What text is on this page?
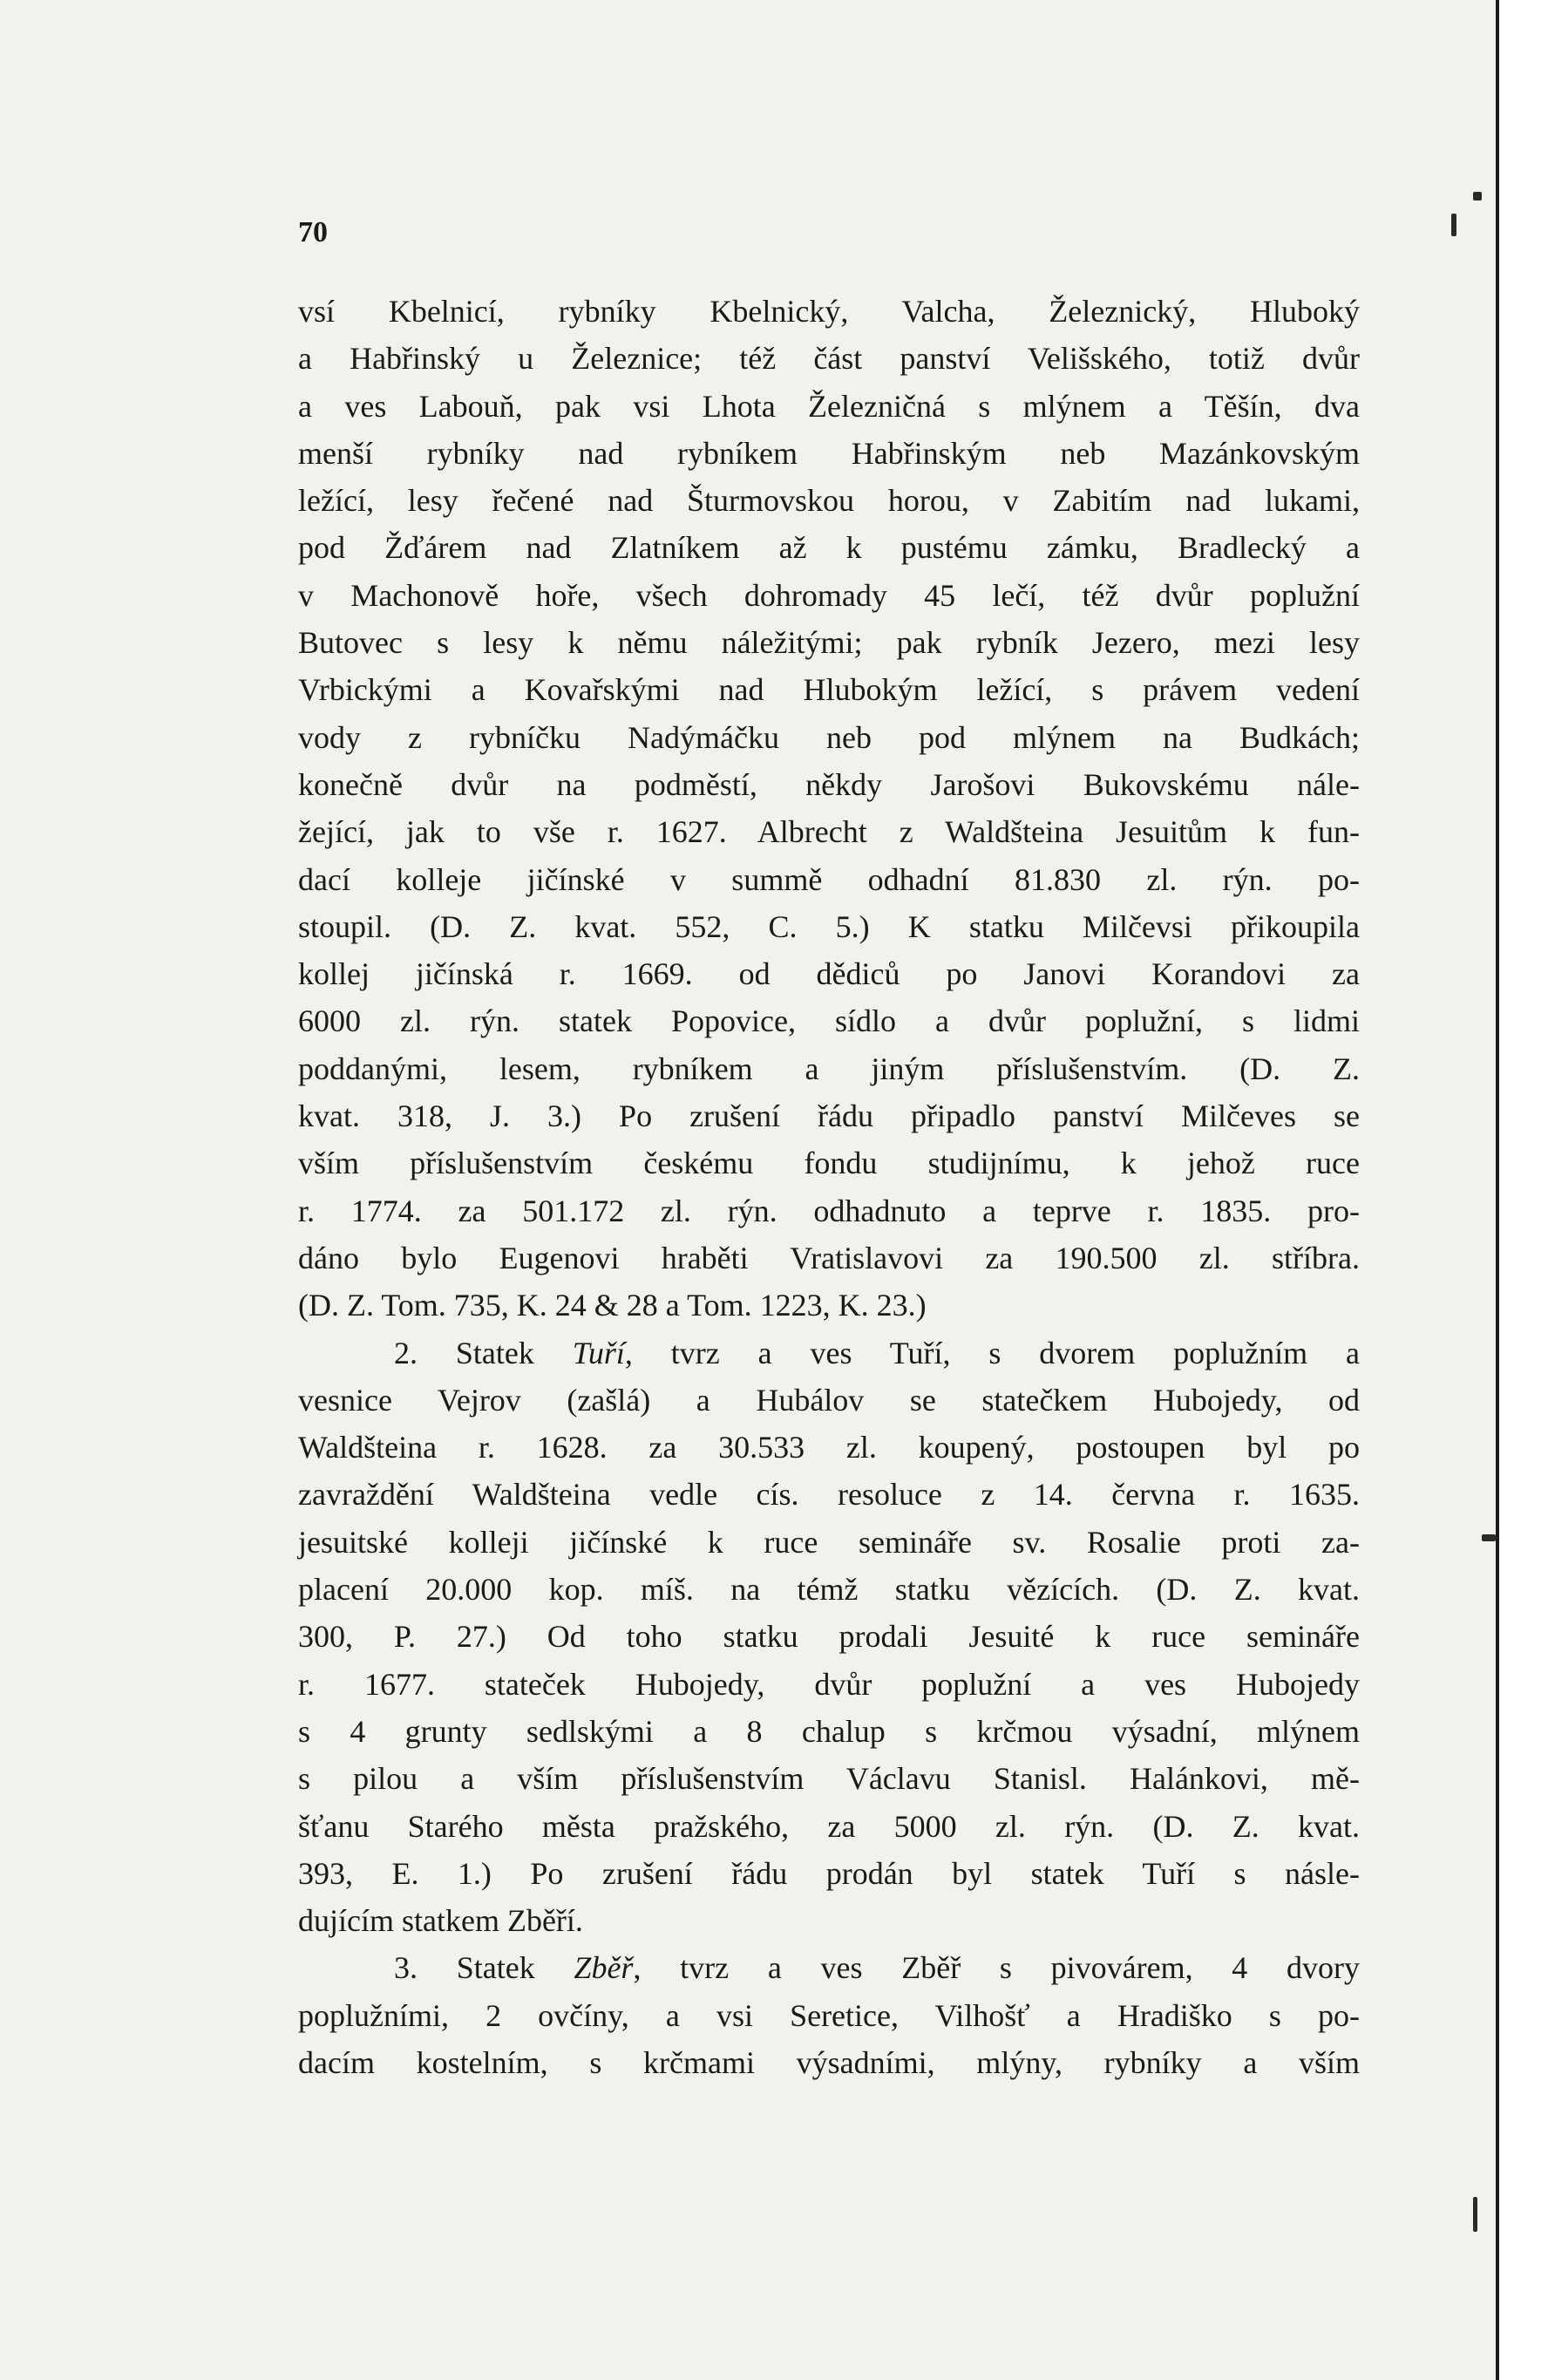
70
vsí Kbelnicí, rybníky Kbelnický, Valcha, Železnický, Hluboký
a Habřinský u Železnice; též část panství Velišského, totiž dvůr
a ves Labouň, pak vsi Lhota Železničná s mlýnem a Těšín, dva
menší rybníky nad rybníkem Habřinským neb Mazánkovským
ležící, lesy řečené nad Šturmovskou horou, v Zabitím nad lukami,
pod Žďárem nad Zlatníkem až k pustému zámku, Bradlecký a
v Machonově hoře, všech dohromady 45 lečí, též dvůr poplužní
Butovec s lesy k němu náležitými; pak rybník Jezero, mezi lesy
Vrbickými a Kovařskými nad Hlubokým ležící, s právem vedení
vody z rybníčku Nadýmáčku neb pod mlýnem na Budkách;
konečně dvůr na podměstí, někdy Jarošovi Bukovskému nále-
žející, jak to vše r. 1627. Albrecht z Waldšteina Jesuitům k fun-
dací kolleje jičínské v summě odhadní 81.830 zl. rýn. po-
stoupil. (D. Z. kvat. 552, C. 5.) K statku Milčevsi přikoupila
kollej jičínská r. 1669. od dědiců po Janovi Korandovi za
6000 zl. rýn. statek Popovice, sídlo a dvůr poplužní, s lidmi
poddanými, lesem, rybníkem a jiným příslušenstvím. (D. Z.
kvat. 318, J. 3.) Po zrušení řádu připadlo panství Milčeves se
vším příslušenstvím českému fondu studijnímu, k jehož ruce
r. 1774. za 501.172 zl. rýn. odhadnuto a teprve r. 1835. pro-
dáno bylo Eugenovi hraběti Vratislavovi za 190.500 zl. stříbra.
(D. Z. Tom. 735, K. 24 & 28 a Tom. 1223, K. 23.)
2. Statek Tuří, tvrz a ves Tuří, s dvorem poplužním a
vesnice Vejrov (zašlá) a Hubálov se statečkem Hubojedy, od
Waldšteina r. 1628. za 30.533 zl. koupený, postoupen byl po
zavraždění Waldšteina vedle cís. resoluce z 14. června r. 1635.
jesuitské kolleji jičínské k ruce semináře sv. Rosalie proti za-
placení 20.000 kop. míš. na témž statku vězících. (D. Z. kvat.
300, P. 27.) Od toho statku prodali Jesuité k ruce semináře
r. 1677. stateček Hubojedy, dvůr poplužní a ves Hubojedy
s 4 grunty sedlskými a 8 chalup s krčmou výsadní, mlýnem
s pilou a vším příslušenstvím Václavu Stanisl. Halánkovi, mě-
šťanu Starého města pražského, za 5000 zl. rýn. (D. Z. kvat.
393, E. 1.) Po zrušení řádu prodán byl statek Tuří s násle-
dujícím statkem Zběří.
3. Statek Zběř, tvrz a ves Zběř s pivovárem, 4 dvory
poplužními, 2 ovčíny, a vsi Seretice, Vilhošť a Hradiško s po-
dacím kostelním, s krčmami výsadními, mlýny, rybníky a vším
